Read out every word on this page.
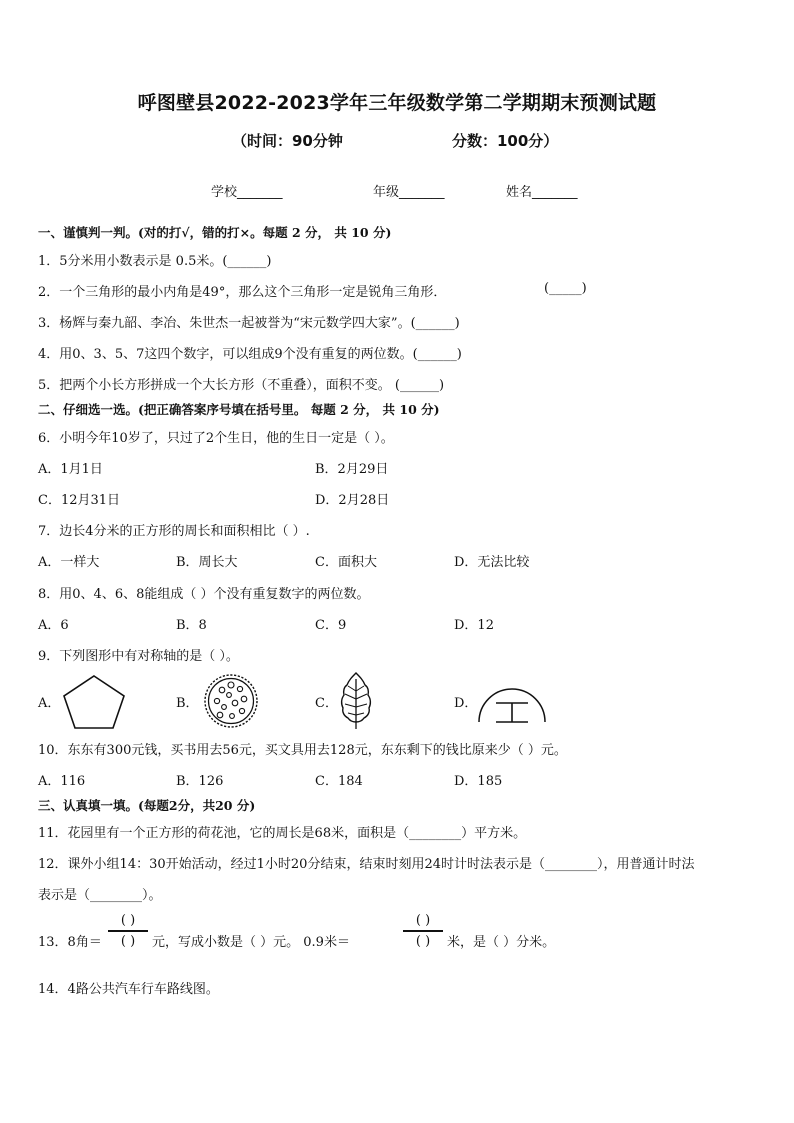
呼图壁县2022-2023学年三年级数学第二学期期末预测试题
（时间：90分钟	分数：100分）
学校_______	年级_______	姓名_______
一、谨慎判一判。(对的打√，错的打×。每题 2 分， 共 10 分)
1．5分米用小数表示是 0.5米。(______)
2．一个三角形的最小内角是49°，那么这个三角形一定是锐角三角形．	(_____)
3．杨辉与秦九韶、李冶、朱世杰一起被誉为“宋元数学四大家”。(______)
4．用0、3、5、7这四个数字，可以组成9个没有重复的两位数。(______)
5．把两个小长方形拼成一个大长方形（不重叠），面积不变。 (______)
二、仔细选一选。(把正确答案序号填在括号里。 每题 2 分， 共 10 分)
6．小明今年10岁了，只过了2个生日，他的生日一定是（ ）。
A．1月1日	B．2月29日
C．12月31日	D．2月28日
7．边长4分米的正方形的周长和面积相比（ ）.
A．一样大	B．周长大	C．面积大	D．无法比较
8．用0、4、6、8能组成（ ）个没有重复数字的两位数。
A．6	B．8	C．9	D．12
9．下列图形中有对称轴的是（ ）。
A．	B．	C．	D．
10．东东有300元钱，买书用去56元，买文具用去128元，东东剩下的钱比原来少（ ）元。
A．116	B．126	C．184	D．185
三、认真填一填。(每题2分，共20 分)
11．花园里有一个正方形的荷花池，它的周长是68米，面积是（________）平方米。
12．课外小组14：30开始活动，经过1小时20分结束，结束时刻用24时计时法表示是（________），用普通计时法
表示是（________）。
13．8角＝
( )
( )	元，写成小数是（ ）元。 0.9米＝
( )
( )	米，是（ ）分米。
14．4路公共汽车行车路线图。
